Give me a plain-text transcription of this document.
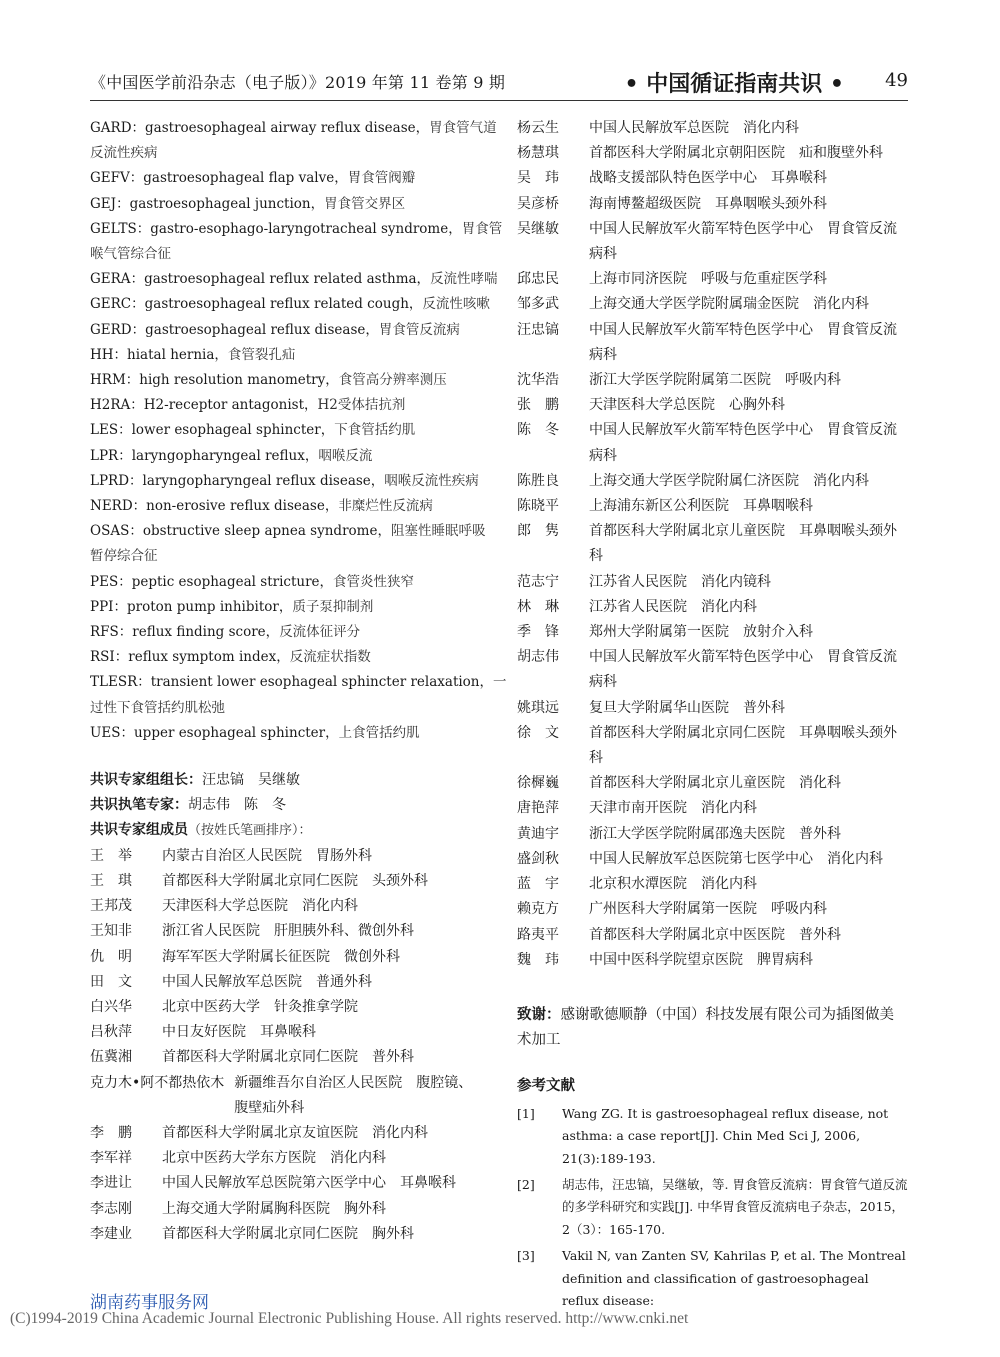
《中国医学前沿杂志（电子版）》2019 年第 11 卷第 9 期	• 中国循证指南共识 • 49
GARD：gastroesophageal airway reflux disease，胃食管气道
反流性疾病
GEFV：gastroesophageal flap valve，胃食管阀瓣
GEJ：gastroesophageal junction，胃食管交界区
GELTS：gastro-esophago-laryngotracheal syndrome，胃食管
喉气管综合征
GERA：gastroesophageal reflux related asthma，反流性哮喘
GERC：gastroesophageal reflux related cough，反流性咳嗽
GERD：gastroesophageal reflux disease，胃食管反流病
HH：hiatal hernia，食管裂孔疝
HRM：high resolution manometry，食管高分辨率测压
H2RA：H2-receptor antagonist，H2受体拮抗剂
LES：lower esophageal sphincter，下食管括约肌
LPR：laryngopharyngeal reflux，咽喉反流
LPRD：laryngopharyngeal reflux disease，咽喉反流性疾病
NERD：non-erosive reflux disease，非糜烂性反流病
OSAS：obstructive sleep apnea syndrome，阻塞性睡眠呼吸
暂停综合征
PES：peptic esophageal stricture，食管炎性狭窄
PPI：proton pump inhibitor，质子泵抑制剂
RFS：reflux finding score，反流体征评分
RSI：reflux symptom index，反流症状指数
TLESR：transient lower esophageal sphincter relaxation，一
过性下食管括约肌松弛
UES：upper esophageal sphincter，上食管括约肌
共识专家组组长：汪忠镐　吴继敏
共识执笔专家：胡志伟　陈　冬
共识专家组成员（按姓氏笔画排序）：
王　举	内蒙古自治区人民医院　胃肠外科
王　琪	首都医科大学附属北京同仁医院　头颈外科
王邦茂	天津医科大学总医院　消化内科
王知非	浙江省人民医院　肝胆胰外科、微创外科
仇　明	海军军医大学附属长征医院　微创外科
田　文	中国人民解放军总医院　普通外科
白兴华	北京中医药大学　针灸推拿学院
吕秋萍	中日友好医院　耳鼻喉科
伍冀湘	首都医科大学附属北京同仁医院　普外科
克力木•阿不都热依木 新疆维吾尔自治区人民医院　腹腔镜、腹壁疝外科
李　鹏	首都医科大学附属北京友谊医院　消化内科
李军祥	北京中医药大学东方医院　消化内科
李进让	中国人民解放军总医院第六医学中心　耳鼻喉科
李志刚	上海交通大学附属胸科医院　胸外科
李建业	首都医科大学附属北京同仁医院　胸外科
杨云生	中国人民解放军总医院　消化内科
杨慧琪	首都医科大学附属北京朝阳医院　疝和腹壁外科
吴　玮	战略支援部队特色医学中心　耳鼻喉科
吴彦桥	海南博鳌超级医院　耳鼻咽喉头颈外科
吴继敏	中国人民解放军火箭军特色医学中心　胃食管反流病科
邱忠民	上海市同济医院　呼吸与危重症医学科
邹多武	上海交通大学医学院附属瑞金医院　消化内科
汪忠镐	中国人民解放军火箭军特色医学中心　胃食管反流病科
沈华浩	浙江大学医学院附属第二医院　呼吸内科
张　鹏	天津医科大学总医院　心胸外科
陈　冬	中国人民解放军火箭军特色医学中心　胃食管反流病科
陈胜良	上海交通大学医学院附属仁济医院　消化内科
陈晓平	上海浦东新区公利医院　耳鼻咽喉科
郎　隽	首都医科大学附属北京儿童医院　耳鼻咽喉头颈外科
范志宁	江苏省人民医院　消化内镜科
林　琳	江苏省人民医院　消化内科
季　锋	郑州大学附属第一医院　放射介入科
胡志伟	中国人民解放军火箭军特色医学中心　胃食管反流病科
姚琪远	复旦大学附属华山医院　普外科
徐　文	首都医科大学附属北京同仁医院　耳鼻咽喉头颈外科
徐樨巍	首都医科大学附属北京儿童医院　消化科
唐艳萍	天津市南开医院　消化内科
黄迪宇	浙江大学医学院附属邵逸夫医院　普外科
盛剑秋	中国人民解放军总医院第七医学中心　消化内科
蓝　宇	北京积水潭医院　消化内科
赖克方	广州医科大学附属第一医院　呼吸内科
路夷平	首都医科大学附属北京中医医院　普外科
魏　玮	中国中医科学院望京医院　脾胃病科
致谢：感谢歌德顺静（中国）科技发展有限公司为插图做美术加工
参考文献
[1]	Wang ZG. It is gastroesophageal reflux disease, not asthma: a case report[J]. Chin Med Sci J, 2006, 21(3):189-193.
[2]	胡志伟，汪忠镐，吴继敏，等. 胃食管反流病：胃食管气道反流的多学科研究和实践[J]. 中华胃食管反流病电子杂志，2015，2（3）：165-170.
[3]	Vakil N, van Zanten SV, Kahrilas P, et al. The Montreal definition and classification of gastroesophageal reflux disease:
湖南药事服务网
(C)1994-2019 China Academic Journal Electronic Publishing House. All rights reserved. http://www.cnki.net
